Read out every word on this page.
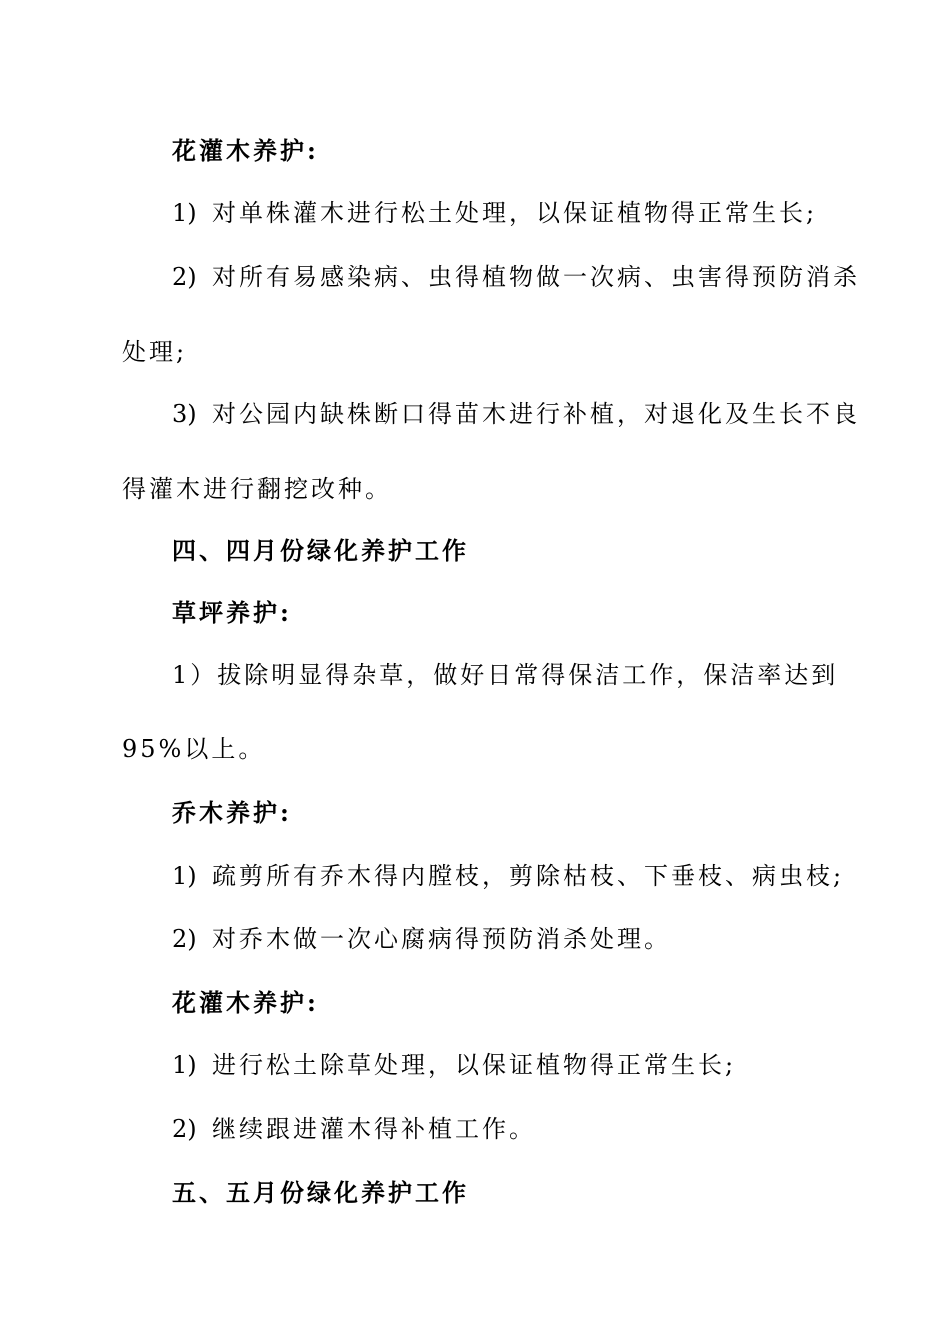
花灌木养护:
1) 对单株灌木进行松土处理，以保证植物得正常生长;
2) 对所有易感染病、虫得植物做一次病、虫害得预防消杀
处理;
3) 对公园内缺株断口得苗木进行补植，对退化及生长不良
得灌木进行翻挖改种。
四、四月份绿化养护工作
草坪养护:
1）拔除明显得杂草，做好日常得保洁工作，保洁率达到
95%以上。
乔木养护:
1) 疏剪所有乔木得内膛枝，剪除枯枝、下垂枝、病虫枝;
2) 对乔木做一次心腐病得预防消杀处理。
花灌木养护:
1) 进行松土除草处理，以保证植物得正常生长;
2) 继续跟进灌木得补植工作。
五、五月份绿化养护工作
